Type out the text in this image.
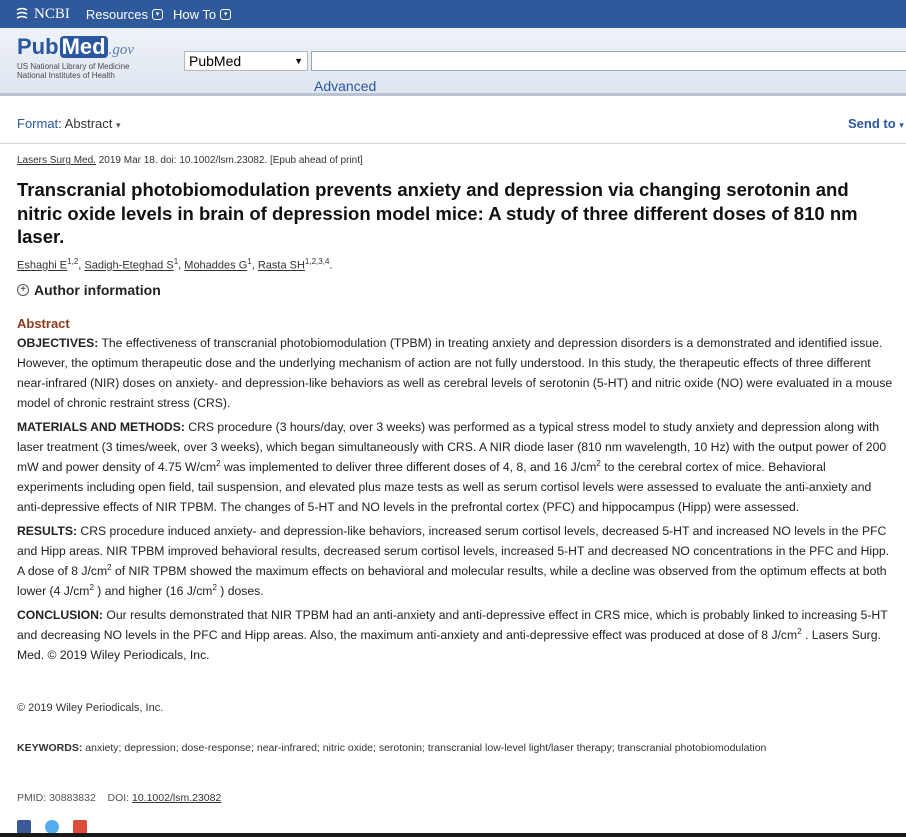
NCBI Resources	▾ How To	▾
Pub Med .gov
US National Library of Medicine
National Institutes of Health
PubMed	▼
Advanced
Format: Abstract ▾	Send to ▾
Lasers Surg Med. 2019 Mar 18. doi: 10.1002/lsm.23082. [Epub ahead of print]
Transcranial photobiomodulation prevents anxiety and depression via changing serotonin and nitric oxide levels in brain of depression model mice: A study of three different doses of 810 nm laser.
Eshaghi E$^{1,2}$, Sadigh-Eteghad $S^1$, Mohaddes $G^1$, Rasta SH$^{1,2,3,4}$.
+ Author information
Abstract

OBJECTIVES: The effectiveness of transcranial photobiomodulation (TPBM) in treating anxiety and depression disorders is a demonstrated and identified issue. However, the optimum therapeutic dose and the underlying mechanism of action are not fully understood. In this study, the therapeutic effects of three different near-infrared (NIR) doses on anxiety- and depression-like behaviors as well as cerebral levels of serotonin (5-HT) and nitric oxide (NO) were evaluated in a mouse model of chronic restraint stress (CRS).

MATERIALS AND METHODS: CRS procedure (3 hours/day, over 3 weeks) was performed as a typical stress model to study anxiety and depression along with laser treatment (3 times/week, over 3 weeks), which began simultaneously with CRS. A NIR diode laser (810 nm wavelength, 10 Hz) with the output power of 200 mW and power density of 4.75 $W/cm^2$ was implemented to deliver three different doses of 4, 8, and 16 $J/cm^2$ to the cerebral cortex of mice. Behavioral experiments including open field, tail suspension, and elevated plus maze tests as well as serum cortisol levels were assessed to evaluate the anti-anxiety and anti-depressive effects of NIR TPBM. The changes of 5-HT and NO levels in the prefrontal cortex (PFC) and hippocampus (Hipp) were assessed.

RESULTS: CRS procedure induced anxiety- and depression-like behaviors, increased serum cortisol levels, decreased 5-HT and increased NO levels in the PFC and Hipp areas. NIR TPBM improved behavioral results, decreased serum cortisol levels, increased 5-HT and decreased NO concentrations in the PFC and Hipp. A dose of 8 $J/cm^2$ of NIR TPBM showed the maximum effects on behavioral and molecular results, while a decline was observed from the optimum effects at both lower (4 $J/cm^2$ ) and higher (16 $J/cm^2$ ) doses.

CONCLUSION: Our results demonstrated that NIR TPBM had an anti-anxiety and anti-depressive effect in CRS mice, which is probably linked to increasing 5-HT and decreasing NO levels in the PFC and Hipp areas. Also, the maximum anti-anxiety and anti-depressive effect was produced at dose of 8 $J/cm^2$ . Lasers Surg. Med. © 2019 Wiley Periodicals, Inc.

© 2019 Wiley Periodicals, Inc.
KEYWORDS: anxiety; depression; dose-response; near-infrared; nitric oxide; serotonin; transcranial low-level light/laser therapy; transcranial photobiomodulation
PMID: 30883832 DOI: 10.1002/lsm.23082
